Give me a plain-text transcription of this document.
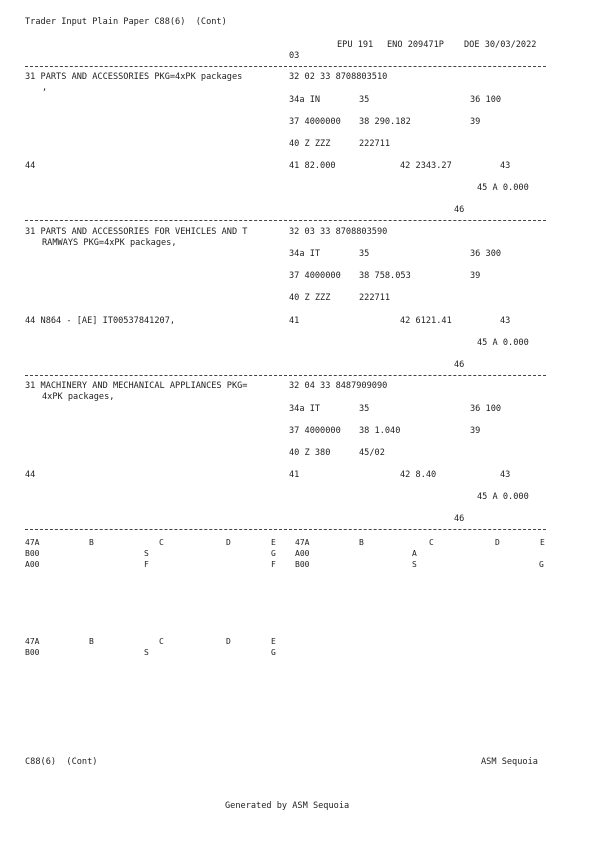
Trader Input Plain Paper C88(6)  (Cont)
EPU 191 ENO 209471P DOE 30/03/2022
03
31 PARTS AND ACCESSORIES PKG=4xPK packages
,
32 02 33 8708803510
34a IN	35	36 100
37 4000000 38 290.182	39
40 Z ZZZ	222711
44	41 82.000	42 2343.27	43
45 A 0.000
46
31 PARTS AND ACCESSORIES FOR VEHICLES AND T
RAMWAYS PKG=4xPK packages,
32 03 33 8708803590
34a IT	35	36 300
37 4000000 38 758.053	39
40 Z ZZZ	222711
44 N864 - [AE] IT00537841207,	41	42 6121.41	43
45 A 0.000
46
31 MACHINERY AND MECHANICAL APPLIANCES PKG=
4xPK packages,
32 04 33 8487909090
34a IT	35	36 100
37 4000000 38 1.040	39
40 Z 380	45/02
44	41	42 8.40	43
45 A 0.000
46
47A	B	C	D	E
B00	S	G
A00	F	F
47A	B	C	D	E
A00	A
B00	S	G
47A	B	C	D	E
B00	S	G
C88(6)  (Cont)	ASM Sequoia
Generated by ASM Sequoia
